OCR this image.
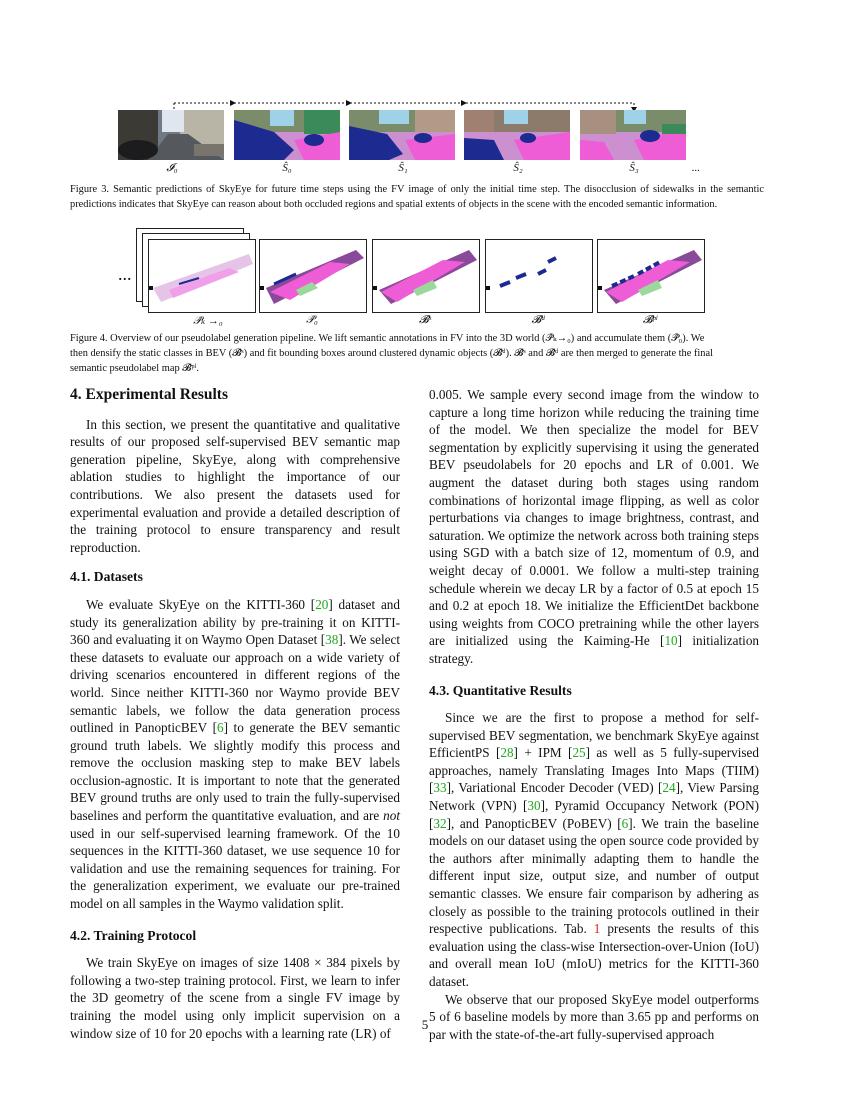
𝓘₀	Ŝ₀	Ŝ₁	Ŝ₂	Ŝ₃	...
Figure 3. Semantic predictions of SkyEye for future time steps using the FV image of only the initial time step. The disocclusion of sidewalks in the semantic predictions indicates that SkyEye can reason about both occluded regions and spatial extents of objects in the scene with the encoded semantic information.
...
𝒫̂ₖ →₀	𝒫̂₀	𝓑̂ˢ	𝓑̂ᵈ	𝓑̂ᵖˡ
Figure 4. Overview of our pseudolabel generation pipeline. We lift semantic annotations in FV into the 3D world (𝒫̂ₖ→₀) and accumulate them (𝒫̂₀). We
then densify the static classes in BEV (𝓑̂ˢ) and fit bounding boxes around clustered dynamic objects (𝓑̂ᵈ). 𝓑̂ˢ and 𝓑̂ᵈ are then merged to generate the final
semantic pseudolabel map 𝓑̂ᵖˡ.
4. Experimental Results

In this section, we present the quantitative and qualitative results of our proposed self-supervised BEV semantic map generation pipeline, SkyEye, along with comprehensive ablation studies to highlight the importance of our contributions. We also present the datasets used for experimental evaluation and provide a detailed description of the training protocol to ensure transparency and result reproduction.

4.1. Datasets

We evaluate SkyEye on the KITTI-360 [20] dataset and study its generalization ability by pre-training it on KITTI-360 and evaluating it on Waymo Open Dataset [38]. We select these datasets to evaluate our approach on a wide variety of driving scenarios encountered in different regions of the world. Since neither KITTI-360 nor Waymo provide BEV semantic labels, we follow the data generation process outlined in PanopticBEV [6] to generate the BEV semantic ground truth labels. We slightly modify this process and remove the occlusion masking step to make BEV labels occlusion-agnostic. It is important to note that the generated BEV ground truths are only used to train the fully-supervised baselines and perform the quantitative evaluation, and are not used in our self-supervised learning framework. Of the 10 sequences in the KITTI-360 dataset, we use sequence 10 for validation and use the remaining sequences for training. For the generalization experiment, we evaluate our pre-trained model on all samples in the Waymo validation split.

4.2. Training Protocol

We train SkyEye on images of size 1408 × 384 pixels by following a two-step training protocol. First, we learn to infer the 3D geometry of the scene from a single FV image by training the model using only implicit supervision on a window size of 10 for 20 epochs with a learning rate (LR) of

0.005. We sample every second image from the window to capture a long time horizon while reducing the training time of the model. We then specialize the model for BEV segmentation by explicitly supervising it using the generated BEV pseudolabels for 20 epochs and LR of 0.001. We augment the dataset during both stages using random combinations of horizontal image flipping, as well as color perturbations via changes to image brightness, contrast, and saturation. We optimize the network across both training steps using SGD with a batch size of 12, momentum of 0.9, and weight decay of 0.0001. We follow a multi-step training schedule wherein we decay LR by a factor of 0.5 at epoch 15 and 0.2 at epoch 18. We initialize the EfficientDet backbone using weights from COCO pretraining while the other layers are initialized using the Kaiming-He [10] initialization strategy.

4.3. Quantitative Results

Since we are the first to propose a method for self-supervised BEV segmentation, we benchmark SkyEye against EfficientPS [28] + IPM [25] as well as 5 fully-supervised approaches, namely Translating Images Into Maps (TIIM) [33], Variational Encoder Decoder (VED) [24], View Parsing Network (VPN) [30], Pyramid Occupancy Network (PON) [32], and PanopticBEV (PoBEV) [6]. We train the baseline models on our dataset using the open source code provided by the authors after minimally adapting them to handle the different input size, output size, and number of output semantic classes. We ensure fair comparison by adhering as closely as possible to the training protocols outlined in their respective publications. Tab. 1 presents the results of this evaluation using the class-wise Intersection-over-Union (IoU) and overall mean IoU (mIoU) metrics for the KITTI-360 dataset.

We observe that our proposed SkyEye model outperforms 5 of 6 baseline models by more than 3.65 pp and performs on par with the state-of-the-art fully-supervised approach

5
